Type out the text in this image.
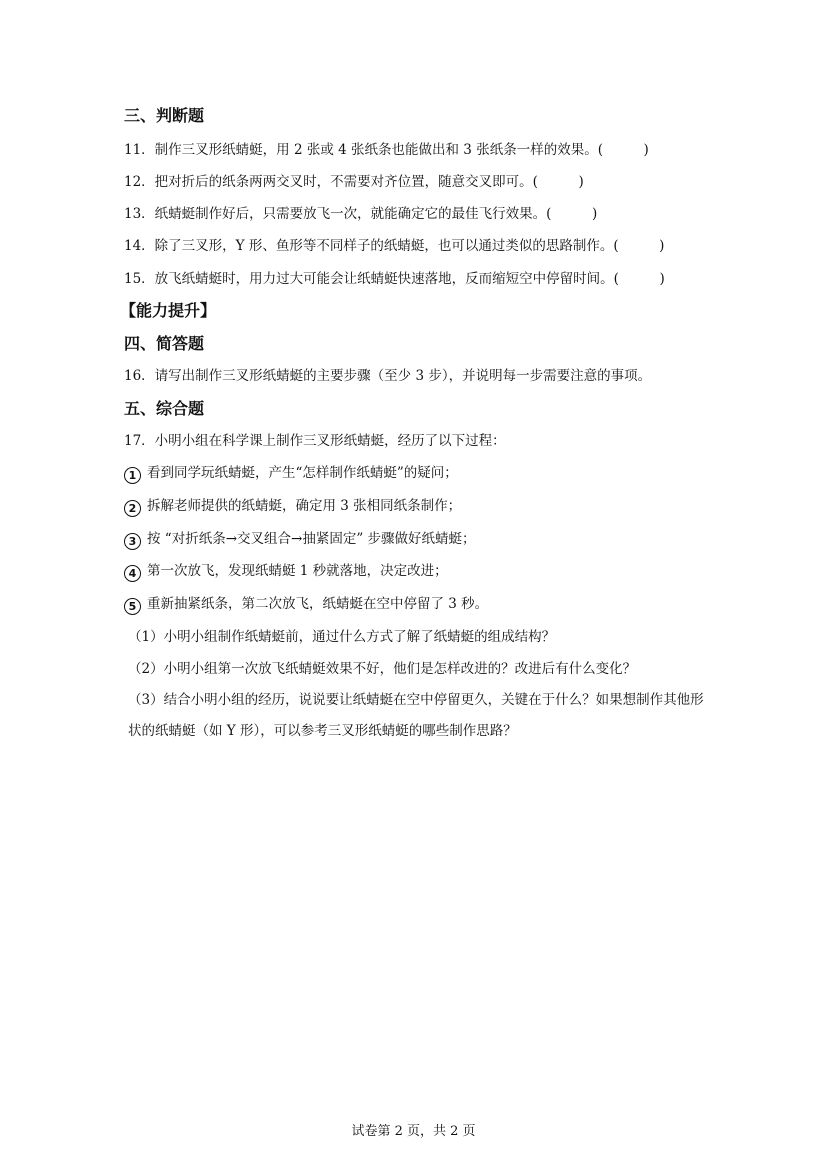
三、判断题
11．制作三叉形纸蜻蜓，用 2 张或 4 张纸条也能做出和 3 张纸条一样的效果。(　　　)
12．把对折后的纸条两两交叉时，不需要对齐位置，随意交叉即可。(　　　)
13．纸蜻蜓制作好后，只需要放飞一次，就能确定它的最佳飞行效果。(　　　)
14．除了三叉形，Y 形、鱼形等不同样子的纸蜻蜓，也可以通过类似的思路制作。(　　　)
15．放飞纸蜻蜓时，用力过大可能会让纸蜻蜓快速落地，反而缩短空中停留时间。(　　　)
【能力提升】
四、简答题
16．请写出制作三叉形纸蜻蜓的主要步骤（至少 3 步），并说明每一步需要注意的事项。
五、综合题
17．小明小组在科学课上制作三叉形纸蜻蜓，经历了以下过程：
1 看到同学玩纸蜻蜓，产生“怎样制作纸蜻蜓”的疑问；
2 拆解老师提供的纸蜻蜓，确定用 3 张相同纸条制作；
3 按 “对折纸条→交叉组合→抽紧固定” 步骤做好纸蜻蜓；
4 第一次放飞，发现纸蜻蜓 1 秒就落地，决定改进；
5 重新抽紧纸条，第二次放飞，纸蜻蜓在空中停留了 3 秒。
（1）小明小组制作纸蜻蜓前，通过什么方式了解了纸蜻蜓的组成结构？
（2）小明小组第一次放飞纸蜻蜓效果不好，他们是怎样改进的？改进后有什么变化？
（3）结合小明小组的经历，说说要让纸蜻蜓在空中停留更久，关键在于什么？如果想制作其他形状的纸蜻蜓（如 Y 形），可以参考三叉形纸蜻蜓的哪些制作思路？
试卷第 2 页，共 2 页
